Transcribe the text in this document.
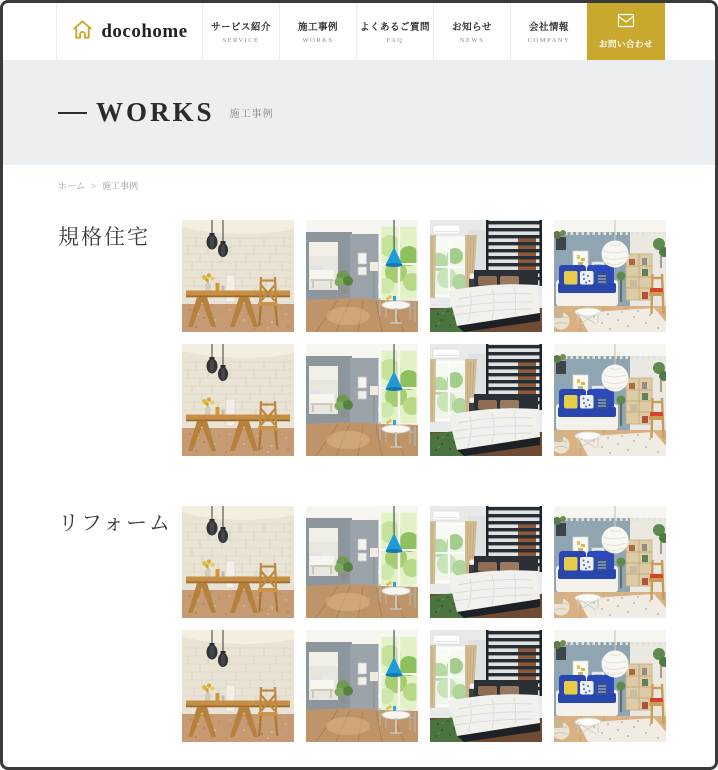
docohome サービス紹介
SERVICE
施工事例
WORKS
よくあるご質問
FAQ
お知らせ
NEWS
会社情報
COMPANY	お問い合わせ
WORKS 施工事例
ホーム > 施工事例
規格住宅
リフォーム
